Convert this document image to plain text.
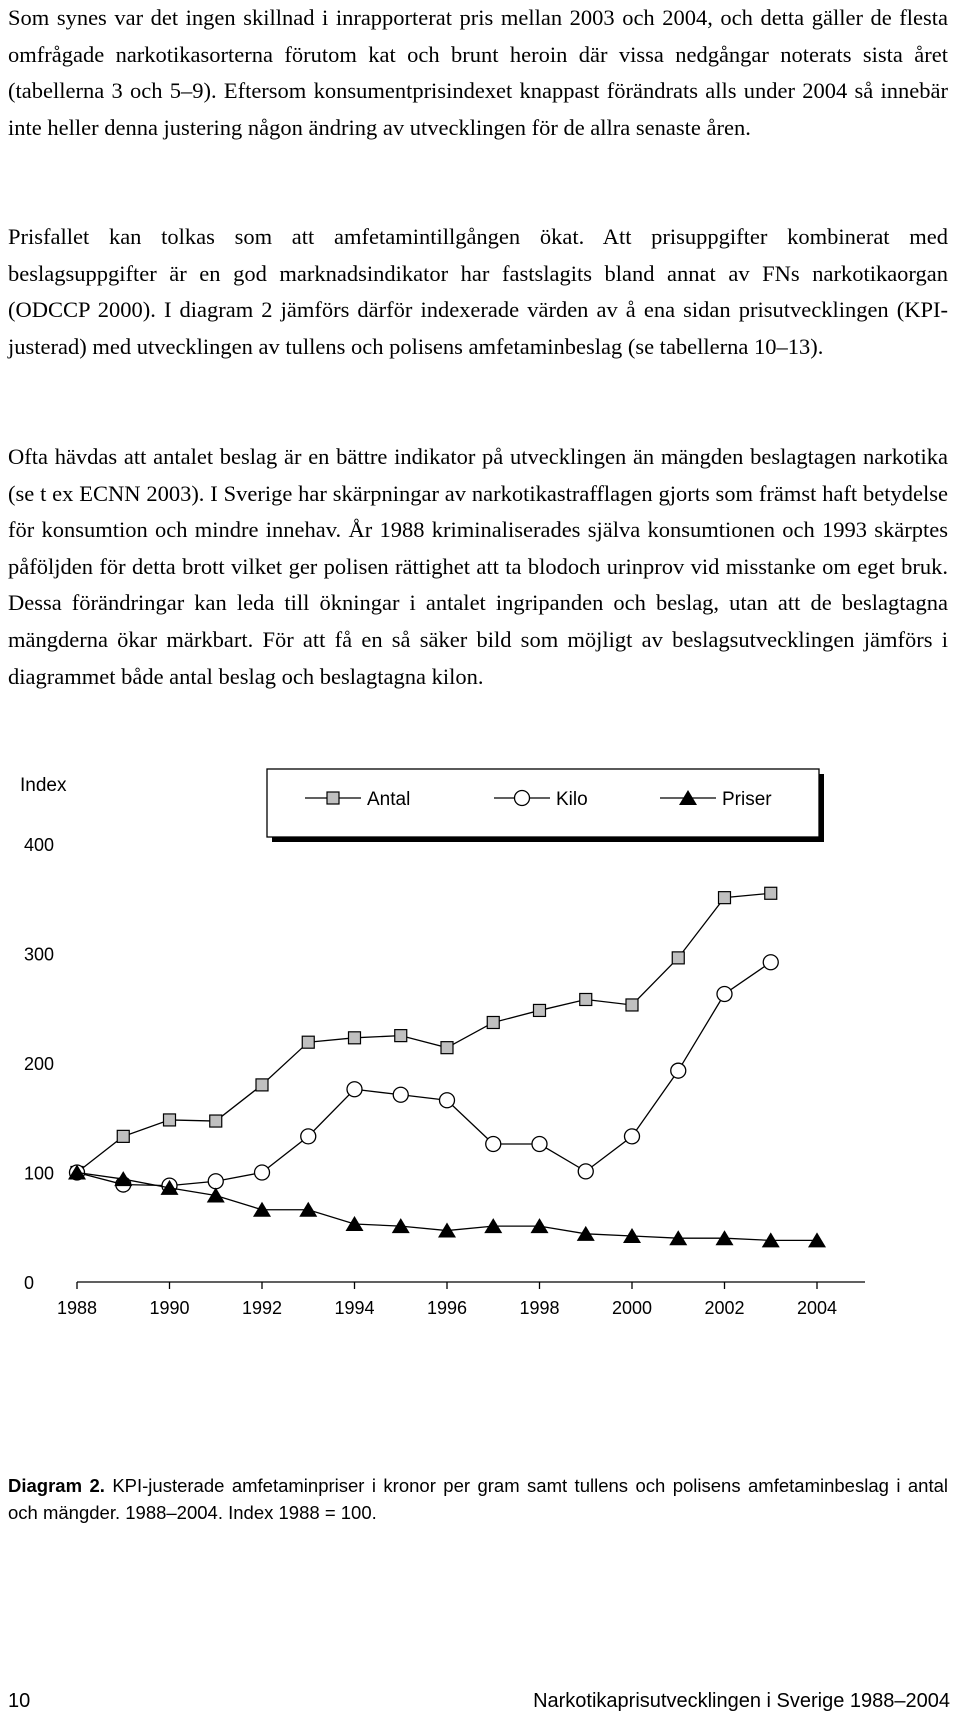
Som synes var det ingen skillnad i inrapporterat pris mellan 2003 och 2004, och detta gäller de flesta omfrågade narkotikasorterna förutom kat och brunt heroin där vissa nedgångar noterats sista året (tabellerna 3 och 5–9). Eftersom konsumentprisindexet knappast förändrats alls under 2004 så innebär inte heller denna justering någon ändring av utvecklingen för de allra senaste åren.

Prisfallet kan tolkas som att amfetamintillgången ökat. Att prisuppgifter kombinerat med beslagsuppgifter är en god marknadsindikator har fastslagits bland annat av FNs narkotikaorgan (ODCCP 2000). I diagram 2 jämförs därför indexerade värden av å ena sidan prisutvecklingen (KPI-justerad) med utvecklingen av tullens och polisens amfetaminbeslag (se tabellerna 10–13).

Ofta hävdas att antalet beslag är en bättre indikator på utvecklingen än mängden beslagtagen narkotika (se t ex ECNN 2003). I Sverige har skärpningar av narkotikastrafflagen gjorts som främst haft betydelse för konsumtion och mindre innehav. År 1988 kriminaliserades själva konsumtionen och 1993 skärptes påföljden för detta brott vilket ger polisen rättighet att ta blodoch urinprov vid misstanke om eget bruk. Dessa förändringar kan leda till ökningar i antalet ingripanden och beslag, utan att de beslagtagna mängderna ökar märkbart. För att få en så säker bild som möjligt av beslagsutvecklingen jämförs i diagrammet både antal beslag och beslagtagna kilon.

Antal	Kilo	Priser
Index
0
100
200
300
400
1988	1990	1992	1994	1996	1998	2000	2002	2004

Diagram 2. KPI-justerade amfetaminpriser i kronor per gram samt tullens och polisens amfetaminbeslag i antal och mängder. 1988–2004. Index 1988 = 100.

10	Narkotikaprisutvecklingen i Sverige 1988–2004
